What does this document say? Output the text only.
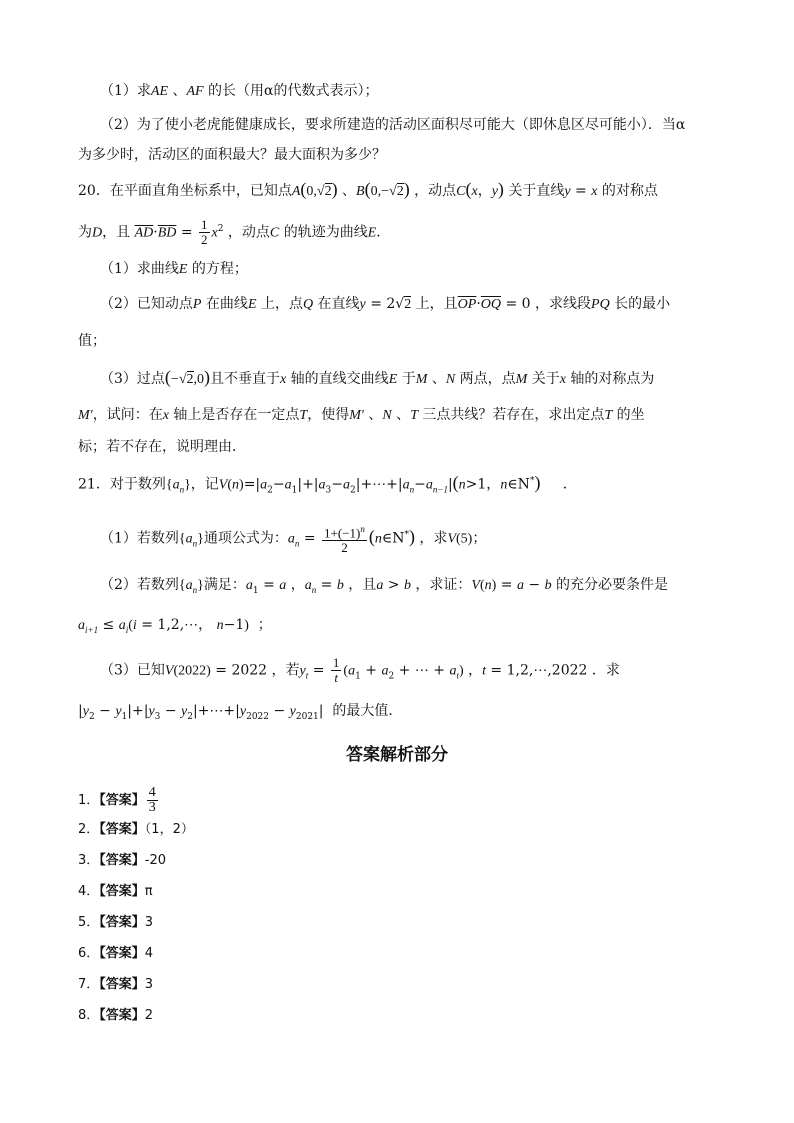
（1）求AE 、AF 的长（用α的代数式表示）；
（2）为了使小老虎能健康成长，要求所建造的活动区面积尽可能大（即休息区尽可能小）．当α
为多少时，活动区的面积最大？最大面积为多少？
20．在平面直角坐标系中，已知点A(0,√2) 、B(0,−√2) ，动点C(x，y) 关于直线y = x 的对称点
为D，且 $\overline{AD}\cdot\overline{BD} = \frac{1}{2} x^2$ ，动点C 的轨迹为曲线E．
（1）求曲线E 的方程；
（2）已知动点P 在曲线E 上，点Q 在直线y = 2√2 上，且$\overline{OP}\cdot\overline{OQ} = 0$ ，求线段PQ 长的最小
值；
（3）过点(−√2,0)且不垂直于x 轴的直线交曲线E 于M 、N 两点，点M 关于x 轴的对称点为
M′，试问：在x 轴上是否存在一定点T，使得M′ 、N 、T 三点共线？若存在，求出定点T 的坐
标；若不存在，说明理由．
21．对于数列$\{a_n\}$，记$V(n)=|a_2-a_1|+|a_3-a_2|+\cdots+|a_n-a_{n-1}|(n>1$，n∈N*)     ．
（1）若数列$\{a_n\}$通项公式为：$a_n = \frac{1+(-1)^n}{2}$ (n∈N*) ，求V(5)；
（2）若数列$\{a_n\}$满足：$a_1 = a$ ，$a_n = b$ ，且a > b ，求证：V(n) = a − b 的充分必要条件是
$a_{i+1} \le a_i(i$ = 1,2,⋯， n−1)  ；
（3）已知V(2022) = 2022 ，若$y_t = \frac{1}{t} (a_1 + a_2$ + ⋯ + $a_t$) ，t = 1,2,⋯,2022 ．求
$|y_2 - y_1|+|y_3$ − $y_2|+\cdots+|y_{2022} - y_{2021}|$  的最大值．
答案解析部分
1．【答案】 $\frac{4}{3}$
2．【答案】（1，2）
3．【答案】-20
4．【答案】π
5．【答案】3
6．【答案】4
7．【答案】3
8．【答案】2
